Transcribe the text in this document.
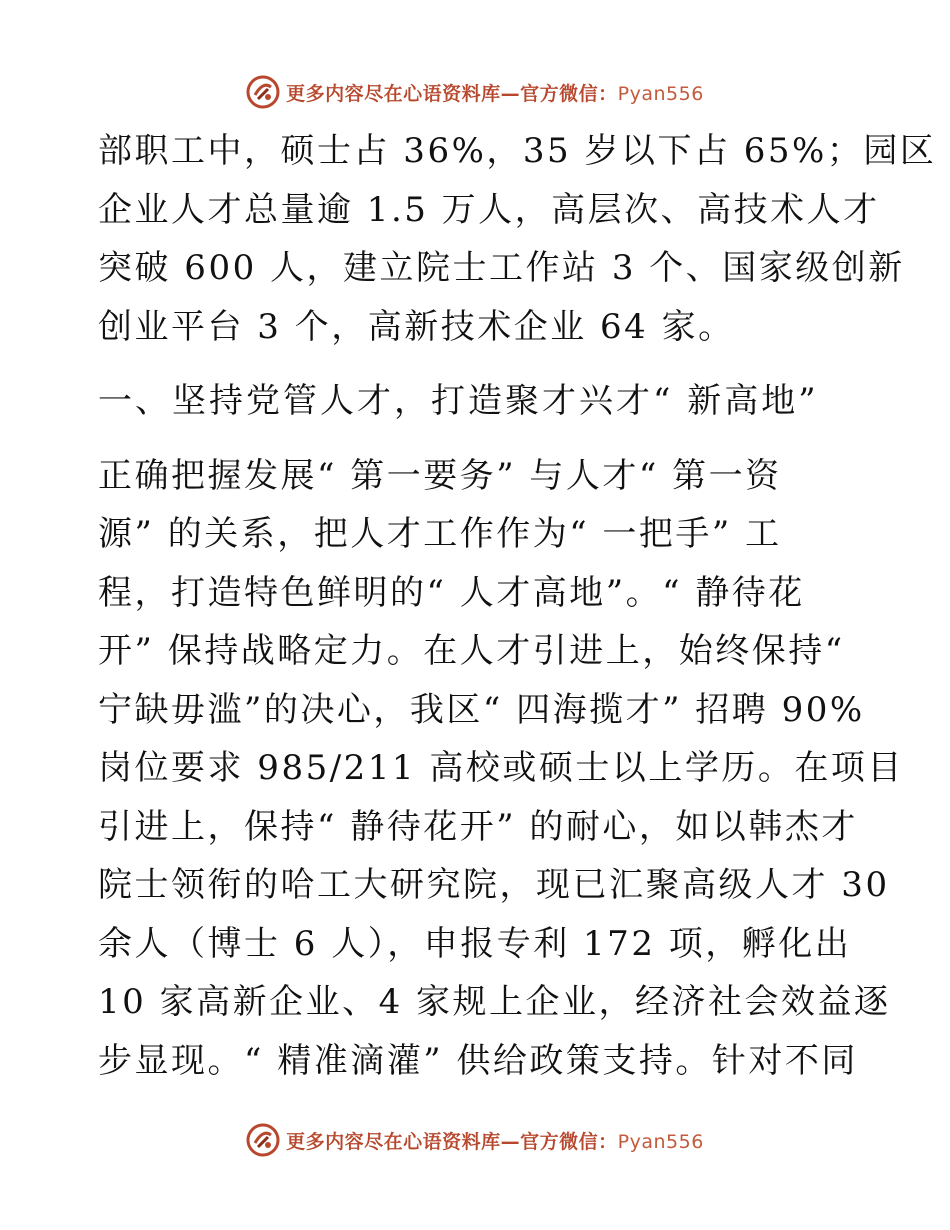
更多内容尽在心语资料库—官方微信：Pyan556
部职工中，硕士占 36%，35 岁以下占 65%；园区
企业人才总量逾 1.5 万人，高层次、高技术人才
突破 600 人，建立院士工作站 3 个、国家级创新
创业平台 3 个，高新技术企业 64 家。
一、坚持党管人才，打造聚才兴才“ 新高地”
正确把握发展“ 第一要务” 与人才“ 第一资
源” 的关系，把人才工作作为“ 一把手” 工
程，打造特色鲜明的“ 人才高地”。“ 静待花
开” 保持战略定力。在人才引进上，始终保持“
宁缺毋滥”的决心，我区“ 四海揽才” 招聘 90%
岗位要求 985/211 高校或硕士以上学历。在项目
引进上，保持“ 静待花开” 的耐心，如以韩杰才
院士领衔的哈工大研究院，现已汇聚高级人才 30
余人（博士 6 人），申报专利 172 项，孵化出
10 家高新企业、4 家规上企业，经济社会效益逐
步显现。“ 精准滴灌” 供给政策支持。针对不同
更多内容尽在心语资料库—官方微信：Pyan556
